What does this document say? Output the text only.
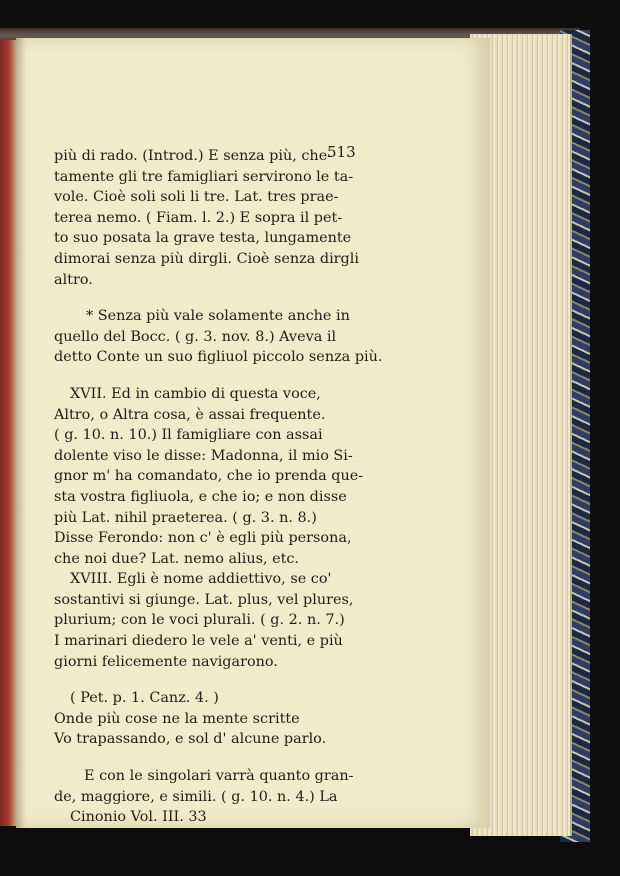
513
più di rado. (Introd.) E senza più, che-
tamente gli tre famigliari servirono le ta-
vole. Cioè soli soli li tre. Lat. tres prae-
terea nemo. ( Fiam. l. 2.) E sopra il pet-
to suo posata la grave testa, lungamente
dimorai senza più dirgli. Cioè senza dirgli
altro.
* Senza più vale solamente anche in
quello del Bocc. ( g. 3. nov. 8.) Aveva il
detto Conte un suo figliuol piccolo senza più.
XVII. Ed in cambio di questa voce,
Altro, o Altra cosa, è assai frequente.
( g. 10. n. 10.) Il famigliare con assai
dolente viso le disse: Madonna, il mio Si-
gnor m' ha comandato, che io prenda que-
sta vostra figliuola, e che io; e non disse
più Lat. nihil praeterea. ( g. 3. n. 8.)
Disse Ferondo: non c' è egli più persona,
che noi due? Lat. nemo alius, etc.
XVIII. Egli è nome addiettivo, se co'
sostantivi si giunge. Lat. plus, vel plures,
plurium; con le voci plurali. ( g. 2. n. 7.)
I marinari diedero le vele a' venti, e più
giorni felicemente navigarono.
( Pet. p. 1. Canz. 4. )
Onde più cose ne la mente scritte
Vo trapassando, e sol d' alcune parlo.
E con le singolari varrà quanto gran-
de, maggiore, e simili. ( g. 10. n. 4.) La
Cinonio Vol. III. 33
